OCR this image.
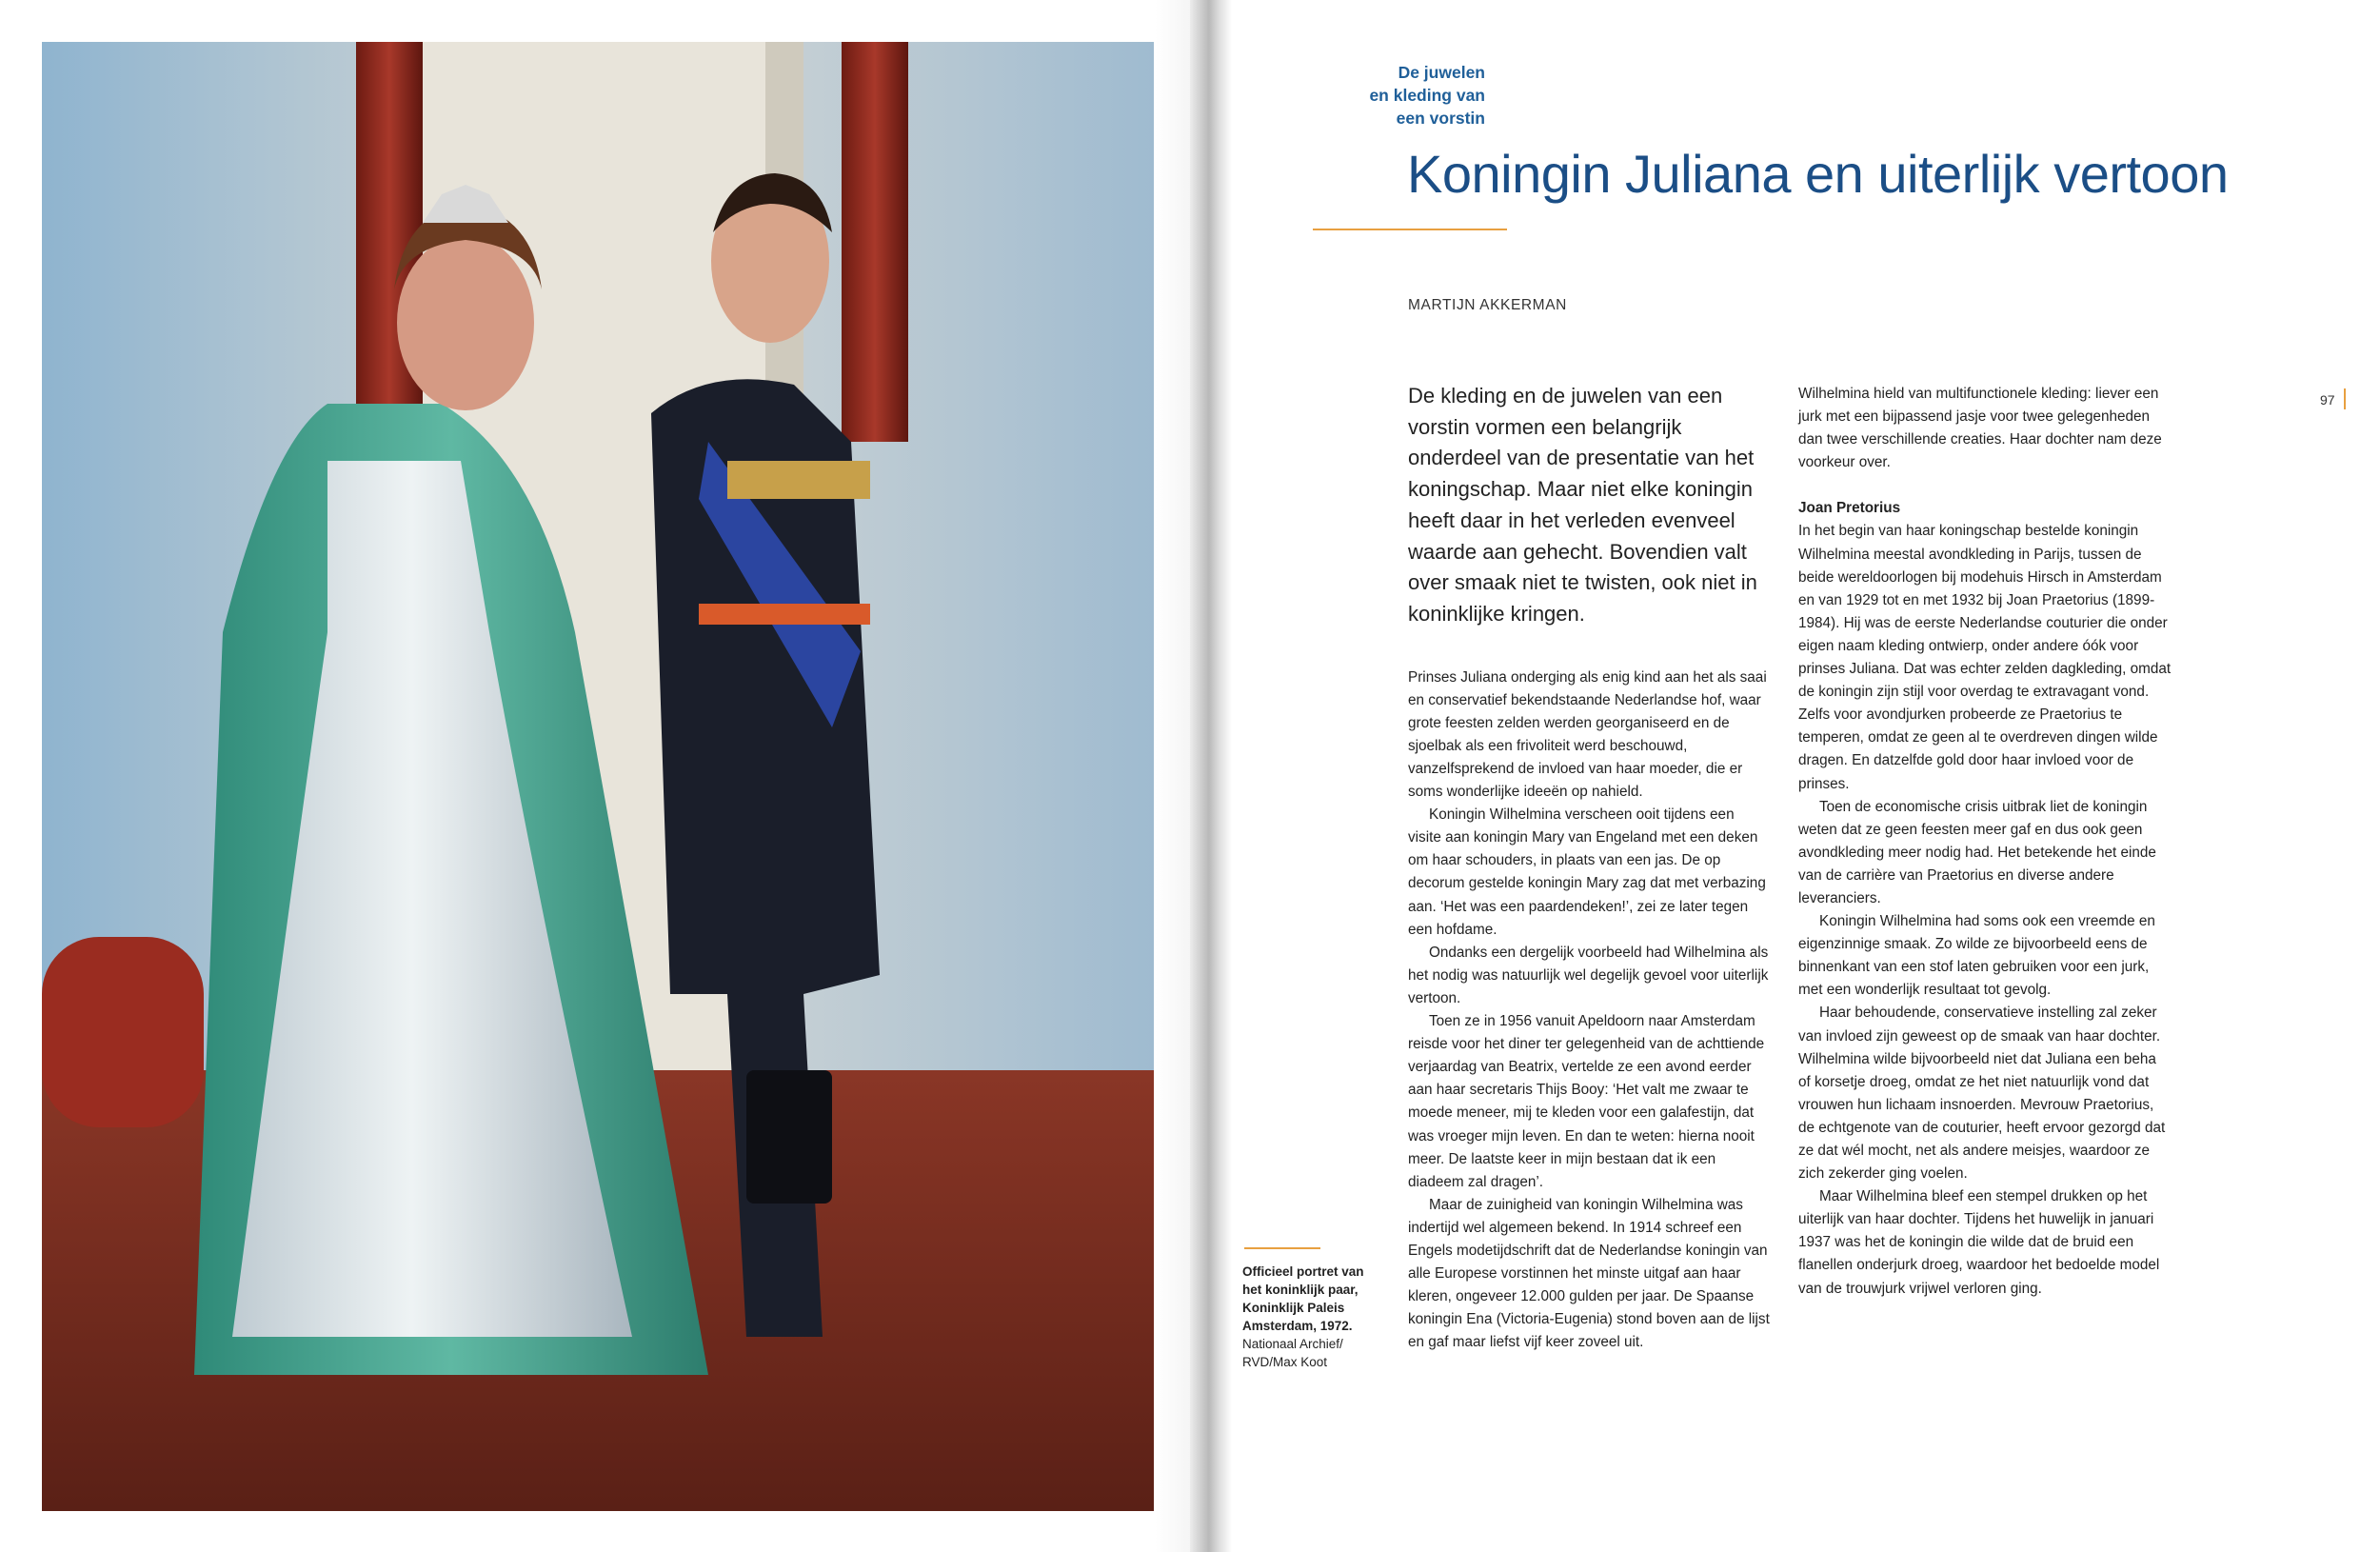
De juwelen
en kleding van
een vorstin
Koningin Juliana en uiterlijk vertoon
MARTIJN AKKERMAN
97
Officieel portret van het koninklijk paar, Koninklijk Paleis Amsterdam, 1972.
Nationaal Archief/ RVD/Max Koot

De kleding en de juwelen van een vorstin vormen een belangrijk onderdeel van de presentatie van het koningschap. Maar niet elke koningin heeft daar in het verleden evenveel waarde aan gehecht. Bovendien valt over smaak niet te twisten, ook niet in koninklijke kringen.

Prinses Juliana onderging als enig kind aan het als saai en conservatief bekendstaande Nederlandse hof, waar grote feesten zelden werden georganiseerd en de sjoelbak als een frivoliteit werd beschouwd, vanzelfsprekend de invloed van haar moeder, die er soms wonderlijke ideeën op nahield.

Koningin Wilhelmina verscheen ooit tijdens een visite aan koningin Mary van Engeland met een deken om haar schouders, in plaats van een jas. De op decorum gestelde koningin Mary zag dat met verbazing aan. ‘Het was een paardendeken!’, zei ze later tegen een hofdame.

Ondanks een dergelijk voorbeeld had Wilhelmina als het nodig was natuurlijk wel degelijk gevoel voor uiterlijk vertoon.

Toen ze in 1956 vanuit Apeldoorn naar Amsterdam reisde voor het diner ter gelegenheid van de achttiende verjaardag van Beatrix, vertelde ze een avond eerder aan haar secretaris Thijs Booy: ‘Het valt me zwaar te moede meneer, mij te kleden voor een galafestijn, dat was vroeger mijn leven. En dan te weten: hierna nooit meer. De laatste keer in mijn bestaan dat ik een diadeem zal dragen’.

Maar de zuinigheid van koningin Wilhelmina was indertijd wel algemeen bekend. In 1914 schreef een Engels modetijdschrift dat de Nederlandse koningin van alle Europese vorstinnen het minste uitgaf aan haar kleren, ongeveer 12.000 gulden per jaar. De Spaanse koningin Ena (Victoria-Eugenia) stond boven aan de lijst en gaf maar liefst vijf keer zoveel uit.

Wilhelmina hield van multifunctionele kleding: liever een jurk met een bijpassend jasje voor twee gelegenheden dan twee verschillende creaties. Haar dochter nam deze voorkeur over.

Joan Pretorius

In het begin van haar koningschap bestelde koningin Wilhelmina meestal avondkleding in Parijs, tussen de beide wereldoorlogen bij modehuis Hirsch in Amsterdam en van 1929 tot en met 1932 bij Joan Praetorius (1899-1984). Hij was de eerste Nederlandse couturier die onder eigen naam kleding ontwierp, onder andere óók voor prinses Juliana. Dat was echter zelden dagkleding, omdat de koningin zijn stijl voor overdag te extravagant vond. Zelfs voor avondjurken probeerde ze Praetorius te temperen, omdat ze geen al te overdreven dingen wilde dragen. En datzelfde gold door haar invloed voor de prinses.

Toen de economische crisis uitbrak liet de koningin weten dat ze geen feesten meer gaf en dus ook geen avondkleding meer nodig had. Het betekende het einde van de carrière van Praetorius en diverse andere leveranciers.

Koningin Wilhelmina had soms ook een vreemde en eigenzinnige smaak. Zo wilde ze bijvoorbeeld eens de binnenkant van een stof laten gebruiken voor een jurk, met een wonderlijk resultaat tot gevolg.

Haar behoudende, conservatieve instelling zal zeker van invloed zijn geweest op de smaak van haar dochter. Wilhelmina wilde bijvoorbeeld niet dat Juliana een beha of korsetje droeg, omdat ze het niet natuurlijk vond dat vrouwen hun lichaam insnoerden. Mevrouw Praetorius, de echtgenote van de couturier, heeft ervoor gezorgd dat ze dat wél mocht, net als andere meisjes, waardoor ze zich zekerder ging voelen.

Maar Wilhelmina bleef een stempel drukken op het uiterlijk van haar dochter. Tijdens het huwelijk in januari 1937 was het de koningin die wilde dat de bruid een flanellen onderjurk droeg, waardoor het bedoelde model van de trouwjurk vrijwel verloren ging.
